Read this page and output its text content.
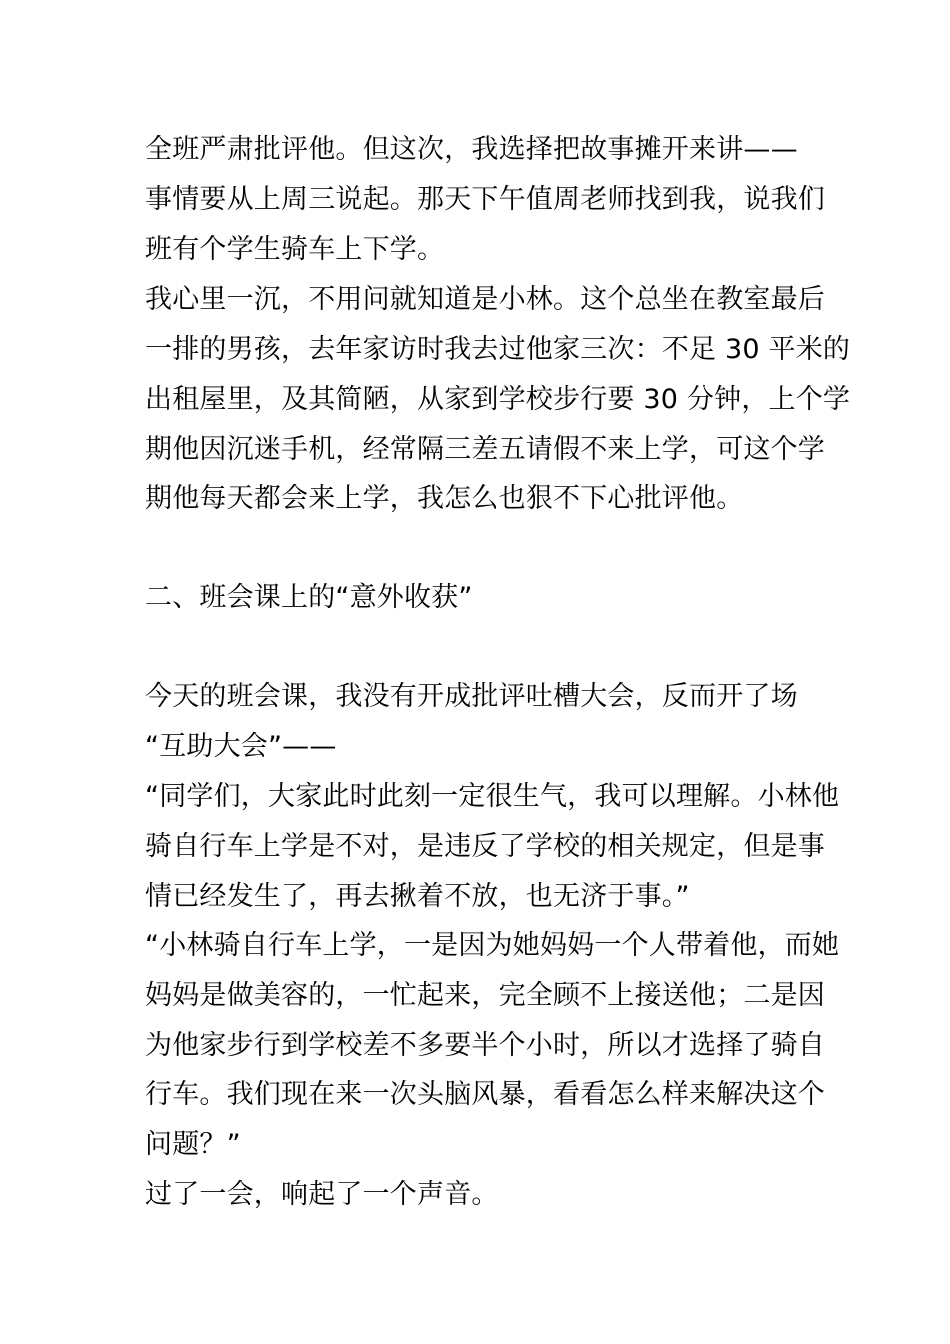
全班严肃批评他。但这次，我选择把故事摊开来讲——
事情要从上周三说起。那天下午值周老师找到我，说我们
班有个学生骑车上下学。
我心里一沉，不用问就知道是小林。这个总坐在教室最后
一排的男孩，去年家访时我去过他家三次：不足 30 平米的
出租屋里，及其简陋，从家到学校步行要 30 分钟，上个学
期他因沉迷手机，经常隔三差五请假不来上学，可这个学
期他每天都会来上学，我怎么也狠不下心批评他。
二、班会课上的“意外收获”
今天的班会课，我没有开成批评吐槽大会，反而开了场
“互助大会”——
“同学们，大家此时此刻一定很生气，我可以理解。小林他
骑自行车上学是不对，是违反了学校的相关规定，但是事
情已经发生了，再去揪着不放，也无济于事。”
“小林骑自行车上学，一是因为她妈妈一个人带着他，而她
妈妈是做美容的，一忙起来，完全顾不上接送他；二是因
为他家步行到学校差不多要半个小时，所以才选择了骑自
行车。我们现在来一次头脑风暴，看看怎么样来解决这个
问题？”
过了一会，响起了一个声音。
